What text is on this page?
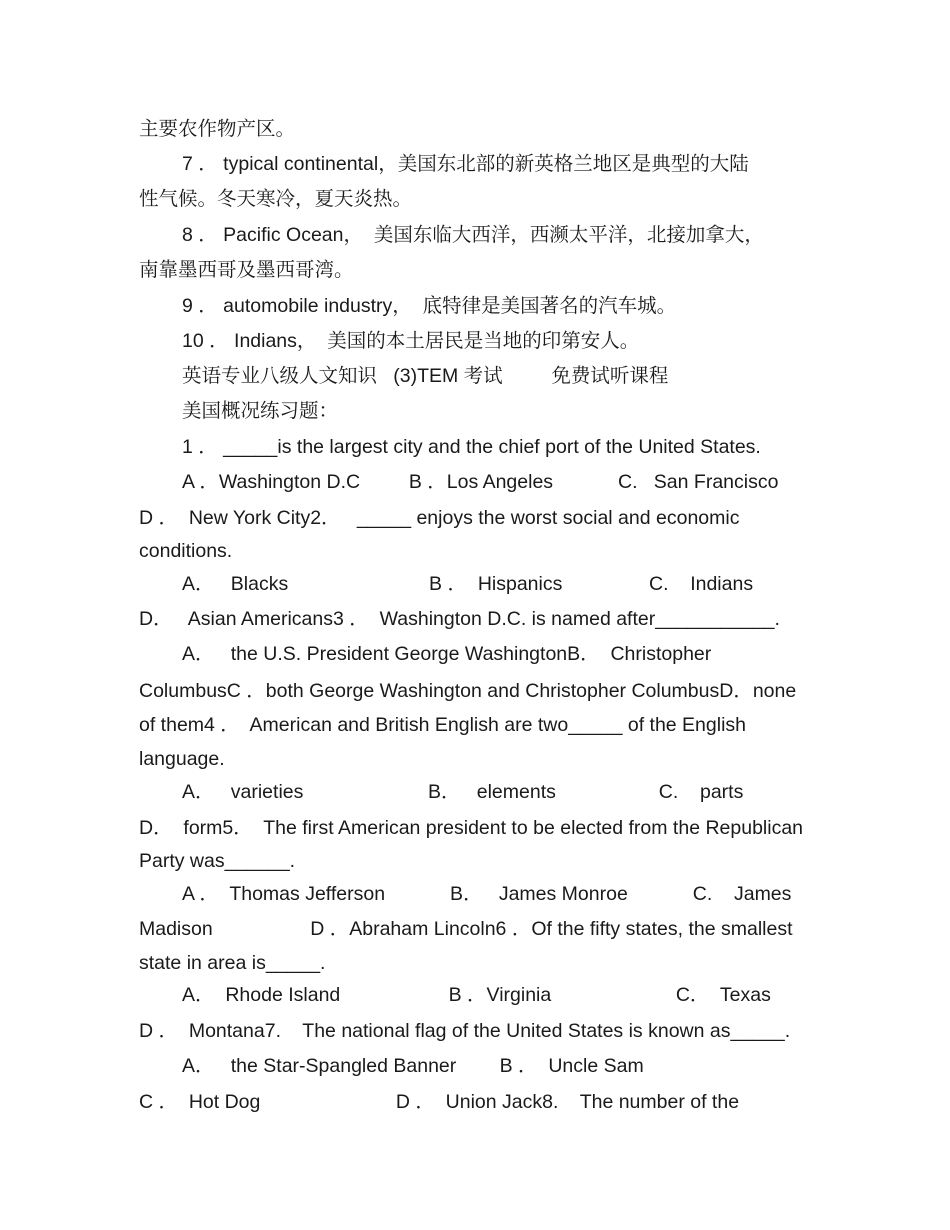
主要农作物产区。
7 ． typical continental，美国东北部的新英格兰地区是典型的大陆
性气候。冬天寒冷，夏天炎热。
8 ． Pacific Ocean，  美国东临大西洋，西濒太平洋，北接加拿大，
南靠墨西哥及墨西哥湾。
9 ． automobile industry，  底特律是美国著名的汽车城。
10 ． Indians，  美国的本土居民是当地的印第安人。
英语专业八级人文知识   (3)TEM 考试         免费试听课程
美国概况练习题：
1 ． _____is the largest city and the chief port of the United States.
A ．Washington D.C         B ．Los Angeles            C.   San Francisco
D ．  New York City2．   _____ enjoys the worst social and economic
conditions.
A．   Blacks                          B ．  Hispanics                C.    Indians
D．   Asian Americans3 ．  Washington D.C. is named after___________.
A．   the U.S. President George WashingtonB．  Christopher
ColumbusC ．both George Washington and Christopher ColumbusD．none
of them4 ．  American and British English are two_____ of the English
language.
A．   varieties                       B．   elements                   C.    parts
D．  form5．  The first American president to be elected from the Republican
Party was______.
A ．  Thomas Jefferson            B．   James Monroe            C.    James
Madison                  D ．Abraham Lincoln6 ．Of the fifty states, the smallest
state in area is_____.
A．  Rhode Island                    B ．Virginia                       C．  Texas
D ．  Montana7.    The national flag of the United States is known as_____.
A．   the Star-Spangled Banner        B ．  Uncle Sam
C ．  Hot Dog                         D ．  Union Jack8.    The number of the
